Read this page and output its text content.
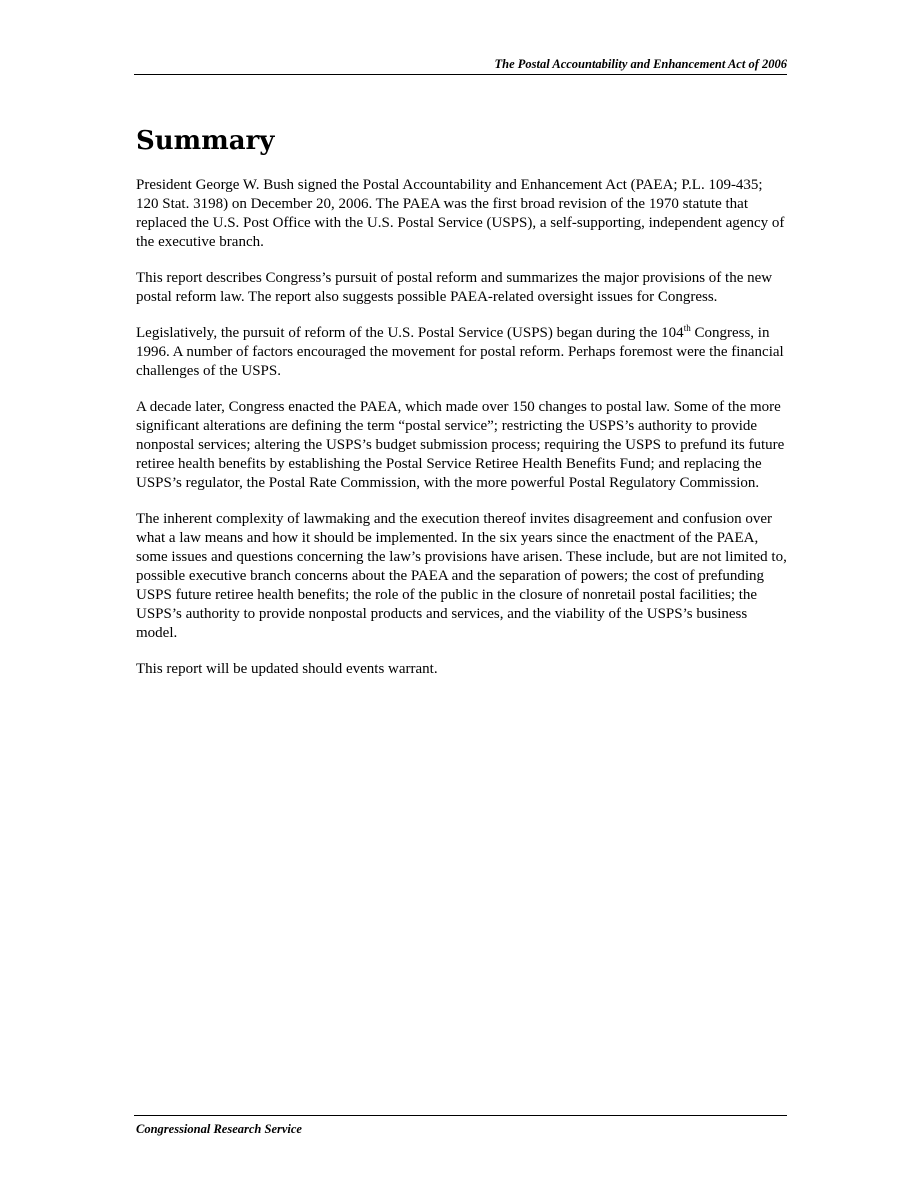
The Postal Accountability and Enhancement Act of 2006
Summary

President George W. Bush signed the Postal Accountability and Enhancement Act (PAEA; P.L. 109-435; 120 Stat. 3198) on December 20, 2006. The PAEA was the first broad revision of the 1970 statute that replaced the U.S. Post Office with the U.S. Postal Service (USPS), a self-supporting, independent agency of the executive branch.

This report describes Congress’s pursuit of postal reform and summarizes the major provisions of the new postal reform law. The report also suggests possible PAEA-related oversight issues for Congress.

Legislatively, the pursuit of reform of the U.S. Postal Service (USPS) began during the 104th Congress, in 1996. A number of factors encouraged the movement for postal reform. Perhaps foremost were the financial challenges of the USPS.

A decade later, Congress enacted the PAEA, which made over 150 changes to postal law. Some of the more significant alterations are defining the term “postal service”; restricting the USPS’s authority to provide nonpostal services; altering the USPS’s budget submission process; requiring the USPS to prefund its future retiree health benefits by establishing the Postal Service Retiree Health Benefits Fund; and replacing the USPS’s regulator, the Postal Rate Commission, with the more powerful Postal Regulatory Commission.

The inherent complexity of lawmaking and the execution thereof invites disagreement and confusion over what a law means and how it should be implemented. In the six years since the enactment of the PAEA, some issues and questions concerning the law’s provisions have arisen. These include, but are not limited to, possible executive branch concerns about the PAEA and the separation of powers; the cost of prefunding USPS future retiree health benefits; the role of the public in the closure of nonretail postal facilities; the USPS’s authority to provide nonpostal products and services, and the viability of the USPS’s business model.

This report will be updated should events warrant.

Congressional Research Service
